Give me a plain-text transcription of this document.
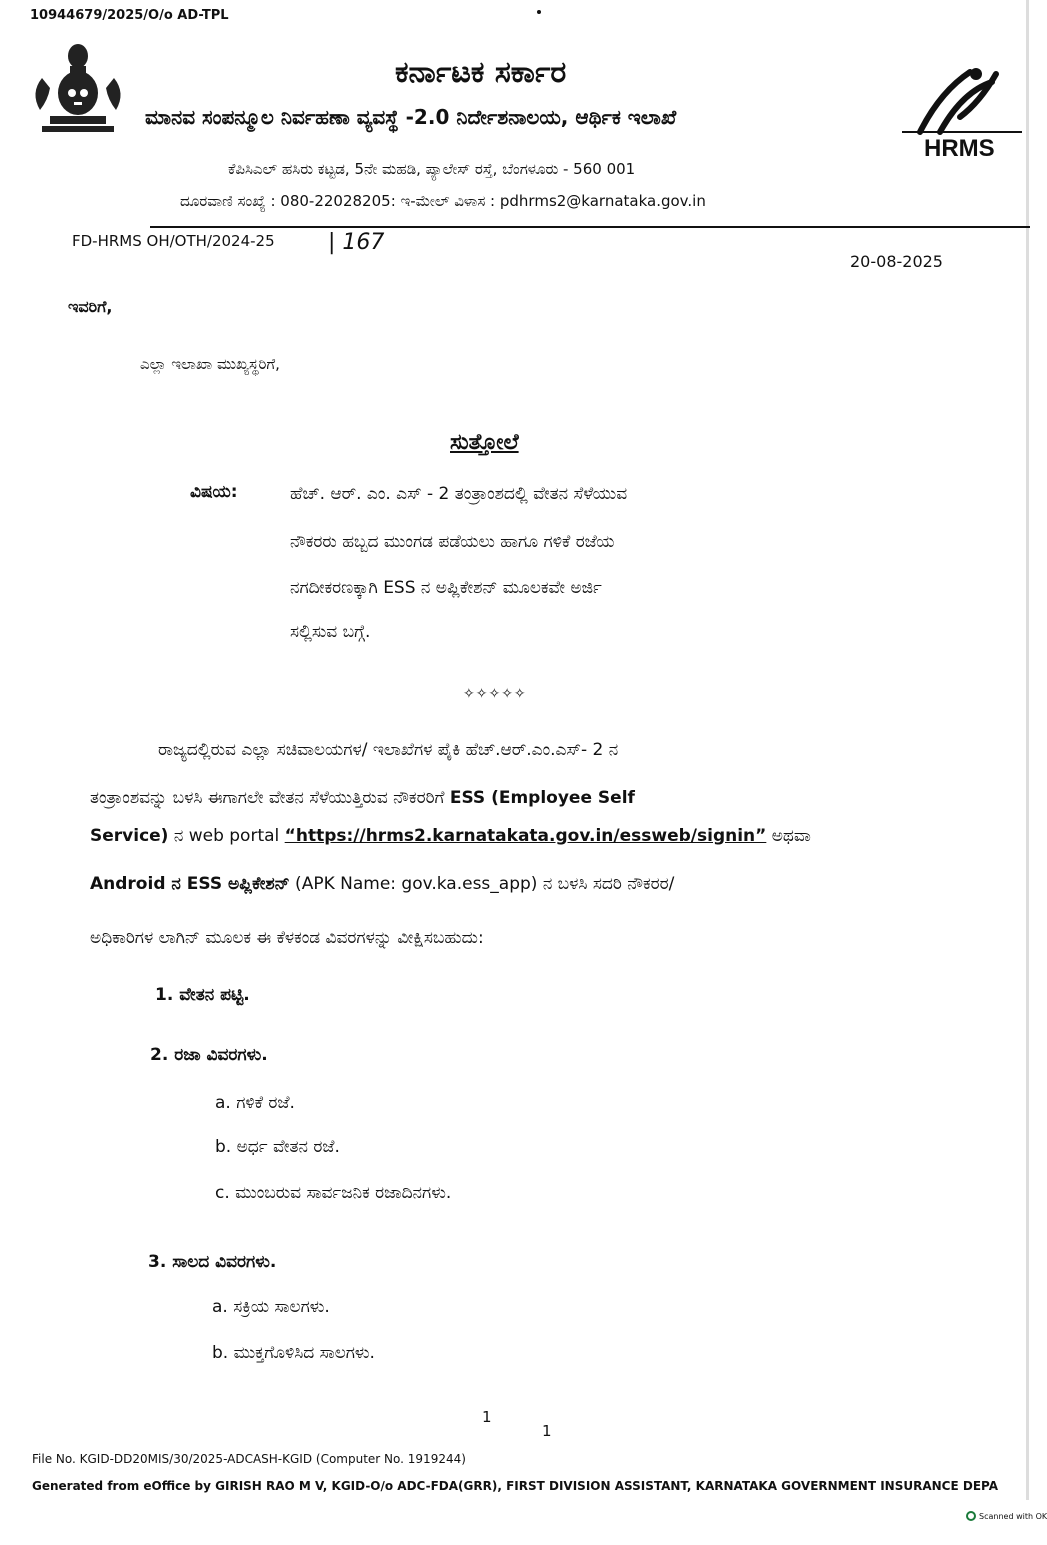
10944679/2025/O/o AD-TPL
HRMS
ಕರ್ನಾಟಕ ಸರ್ಕಾರ
ಮಾನವ ಸಂಪನ್ಮೂಲ ನಿರ್ವಹಣಾ ವ್ಯವಸ್ಥೆ -2.0 ನಿರ್ದೇಶನಾಲಯ, ಆರ್ಥಿಕ ಇಲಾಖೆ
ಕೆಪಿಸಿಎಲ್ ಹಸಿರು ಕಟ್ಟಡ, 5ನೇ ಮಹಡಿ, ಪ್ಯಾಲೇಸ್ ರಸ್ತೆ, ಬೆಂಗಳೂರು - 560 001
ದೂರವಾಣಿ ಸಂಖ್ಯೆ : 080-22028205: ಇ-ಮೇಲ್ ವಿಳಾಸ : pdhrms2@karnataka.gov.in
FD-HRMS OH/OTH/2024-25 | 167
20-08-2025
ಇವರಿಗೆ,
ಎಲ್ಲಾ ಇಲಾಖಾ ಮುಖ್ಯಸ್ಥರಿಗೆ,
ಸುತ್ತೋಲೆ
ವಿಷಯ:	ಹೆಚ್. ಆರ್. ಎಂ. ಎಸ್ - 2 ತಂತ್ರಾಂಶದಲ್ಲಿ ವೇತನ ಸೆಳೆಯುವ
ನೌಕರರು ಹಬ್ಬದ ಮುಂಗಡ ಪಡೆಯಲು ಹಾಗೂ ಗಳಿಕೆ ರಜೆಯ
ನಗದೀಕರಣಕ್ಕಾಗಿ ESS ನ ಅಪ್ಲಿಕೇಶನ್ ಮೂಲಕವೇ ಅರ್ಜಿ
ಸಲ್ಲಿಸುವ ಬಗ್ಗೆ.
✧✧✧✧✧
ರಾಜ್ಯದಲ್ಲಿರುವ ಎಲ್ಲಾ ಸಚಿವಾಲಯಗಳ/ ಇಲಾಖೆಗಳ ಪೈಕಿ ಹೆಚ್.ಆರ್.ಎಂ.ಎಸ್- 2 ನ
ತಂತ್ರಾಂಶವನ್ನು ಬಳಸಿ ಈಗಾಗಲೇ ವೇತನ ಸೆಳೆಯುತ್ತಿರುವ ನೌಕರರಿಗೆ ESS (Employee Self
Service) ನ web portal “https://hrms2.karnatakata.gov.in/essweb/signin” ಅಥವಾ
Android ನ ESS ಅಪ್ಲಿಕೇಶನ್ (APK Name: gov.ka.ess_app) ನ ಬಳಸಿ ಸದರಿ ನೌಕರರ/
ಅಧಿಕಾರಿಗಳ ಲಾಗಿನ್ ಮೂಲಕ ಈ ಕೆಳಕಂಡ ವಿವರಗಳನ್ನು ವೀಕ್ಷಿಸಬಹುದು:
1. ವೇತನ ಪಟ್ಟಿ.
2. ರಜಾ ವಿವರಗಳು.
a. ಗಳಿಕೆ ರಜೆ.
b. ಅರ್ಧ ವೇತನ ರಜೆ.
c. ಮುಂಬರುವ ಸಾರ್ವಜನಿಕ ರಜಾದಿನಗಳು.
3. ಸಾಲದ ವಿವರಗಳು.
a. ಸಕ್ರಿಯ ಸಾಲಗಳು.
b. ಮುಕ್ತಗೊಳಿಸಿದ ಸಾಲಗಳು.
1
1
File No. KGID-DD20MIS/30/2025-ADCASH-KGID (Computer No. 1919244)
Generated from eOffice by GIRISH RAO M V, KGID-O/o ADC-FDA(GRR), FIRST DIVISION ASSISTANT, KARNATAKA GOVERNMENT INSURANCE DEPA
Scanned with OK
